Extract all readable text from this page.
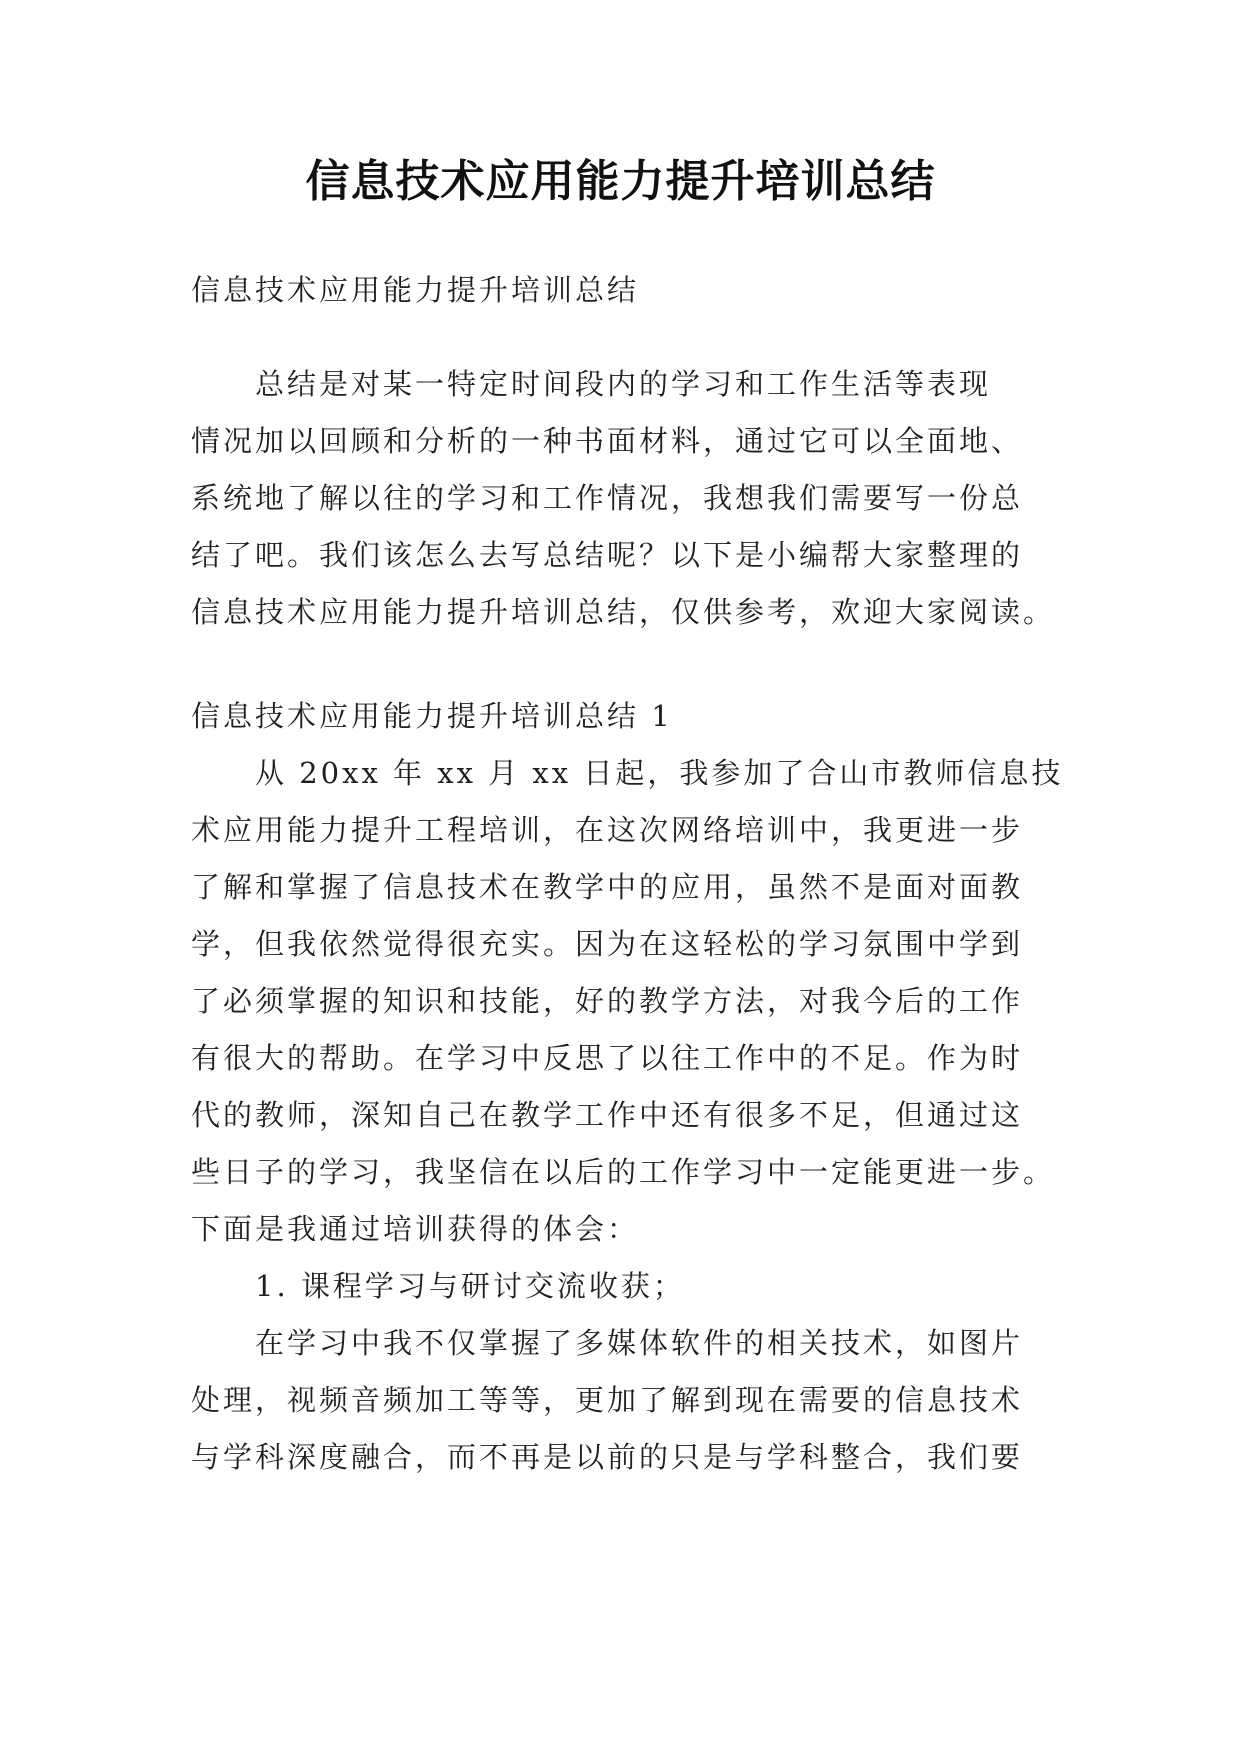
信息技术应用能力提升培训总结
信息技术应用能力提升培训总结
总结是对某一特定时间段内的学习和工作生活等表现
情况加以回顾和分析的一种书面材料，通过它可以全面地、
系统地了解以往的学习和工作情况，我想我们需要写一份总
结了吧。我们该怎么去写总结呢？以下是小编帮大家整理的
信息技术应用能力提升培训总结，仅供参考，欢迎大家阅读。
信息技术应用能力提升培训总结 1
从 20xx 年 xx 月 xx 日起，我参加了合山市教师信息技
术应用能力提升工程培训，在这次网络培训中，我更进一步
了解和掌握了信息技术在教学中的应用，虽然不是面对面教
学，但我依然觉得很充实。因为在这轻松的学习氛围中学到
了必须掌握的知识和技能，好的教学方法，对我今后的工作
有很大的帮助。在学习中反思了以往工作中的不足。作为时
代的教师，深知自己在教学工作中还有很多不足，但通过这
些日子的学习，我坚信在以后的工作学习中一定能更进一步。
下面是我通过培训获得的体会：
1. 课程学习与研讨交流收获；
在学习中我不仅掌握了多媒体软件的相关技术，如图片
处理，视频音频加工等等，更加了解到现在需要的信息技术
与学科深度融合，而不再是以前的只是与学科整合，我们要
